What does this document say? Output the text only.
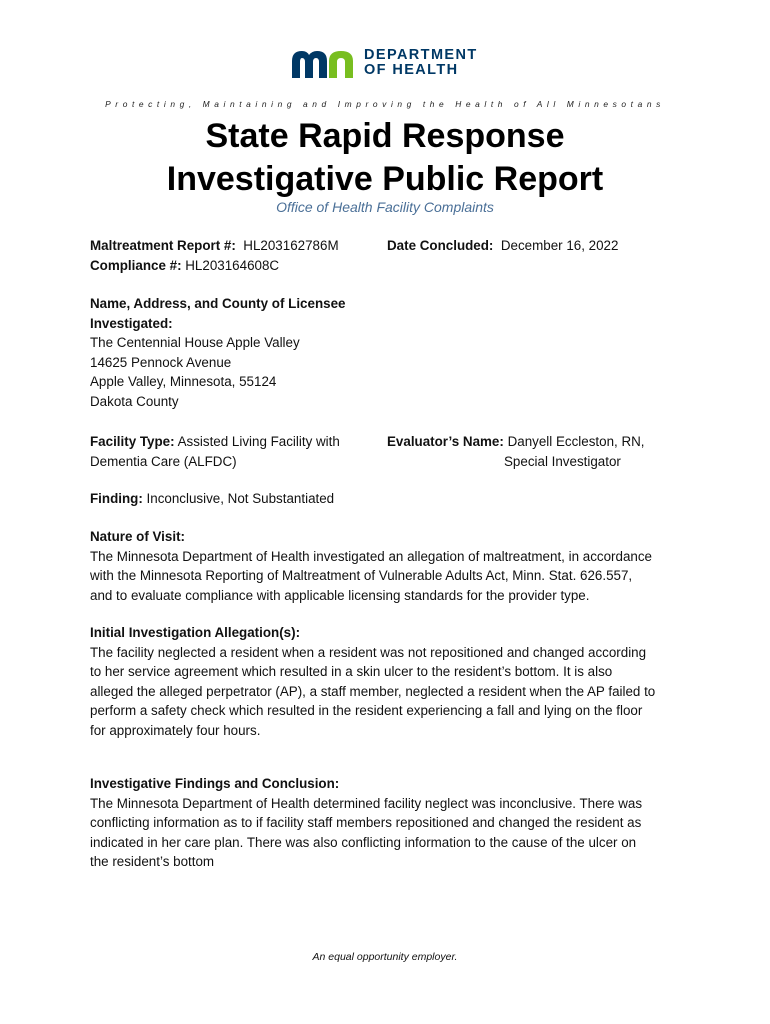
DEPARTMENT
OF HEALTH
Protecting, Maintaining and Improving the Health of All Minnesotans
State Rapid Response
Investigative Public Report
Office of Health Facility Complaints
Maltreatment Report #: HL203162786M
Compliance #: HL203164608C
Date Concluded: December 16, 2022
Name, Address, and County of Licensee
Investigated:
The Centennial House Apple Valley
14625 Pennock Avenue
Apple Valley, Minnesota, 55124
Dakota County
Facility Type: Assisted Living Facility with
Dementia Care (ALFDC)
Evaluator’s Name: Danyell Eccleston, RN,
Special Investigator
Finding: Inconclusive, Not Substantiated
Nature of Visit:
The Minnesota Department of Health investigated an allegation of maltreatment, in accordance
with the Minnesota Reporting of Maltreatment of Vulnerable Adults Act, Minn. Stat. 626.557,
and to evaluate compliance with applicable licensing standards for the provider type.
Initial Investigation Allegation(s):
The facility neglected a resident when a resident was not repositioned and changed according
to her service agreement which resulted in a skin ulcer to the resident’s bottom. It is also
alleged the alleged perpetrator (AP), a staff member, neglected a resident when the AP failed to
perform a safety check which resulted in the resident experiencing a fall and lying on the floor
for approximately four hours.
Investigative Findings and Conclusion:
The Minnesota Department of Health determined facility neglect was inconclusive. There was
conflicting information as to if facility staff members repositioned and changed the resident as
indicated in her care plan. There was also conflicting information to the cause of the ulcer on
the resident’s bottom
An equal opportunity employer.
